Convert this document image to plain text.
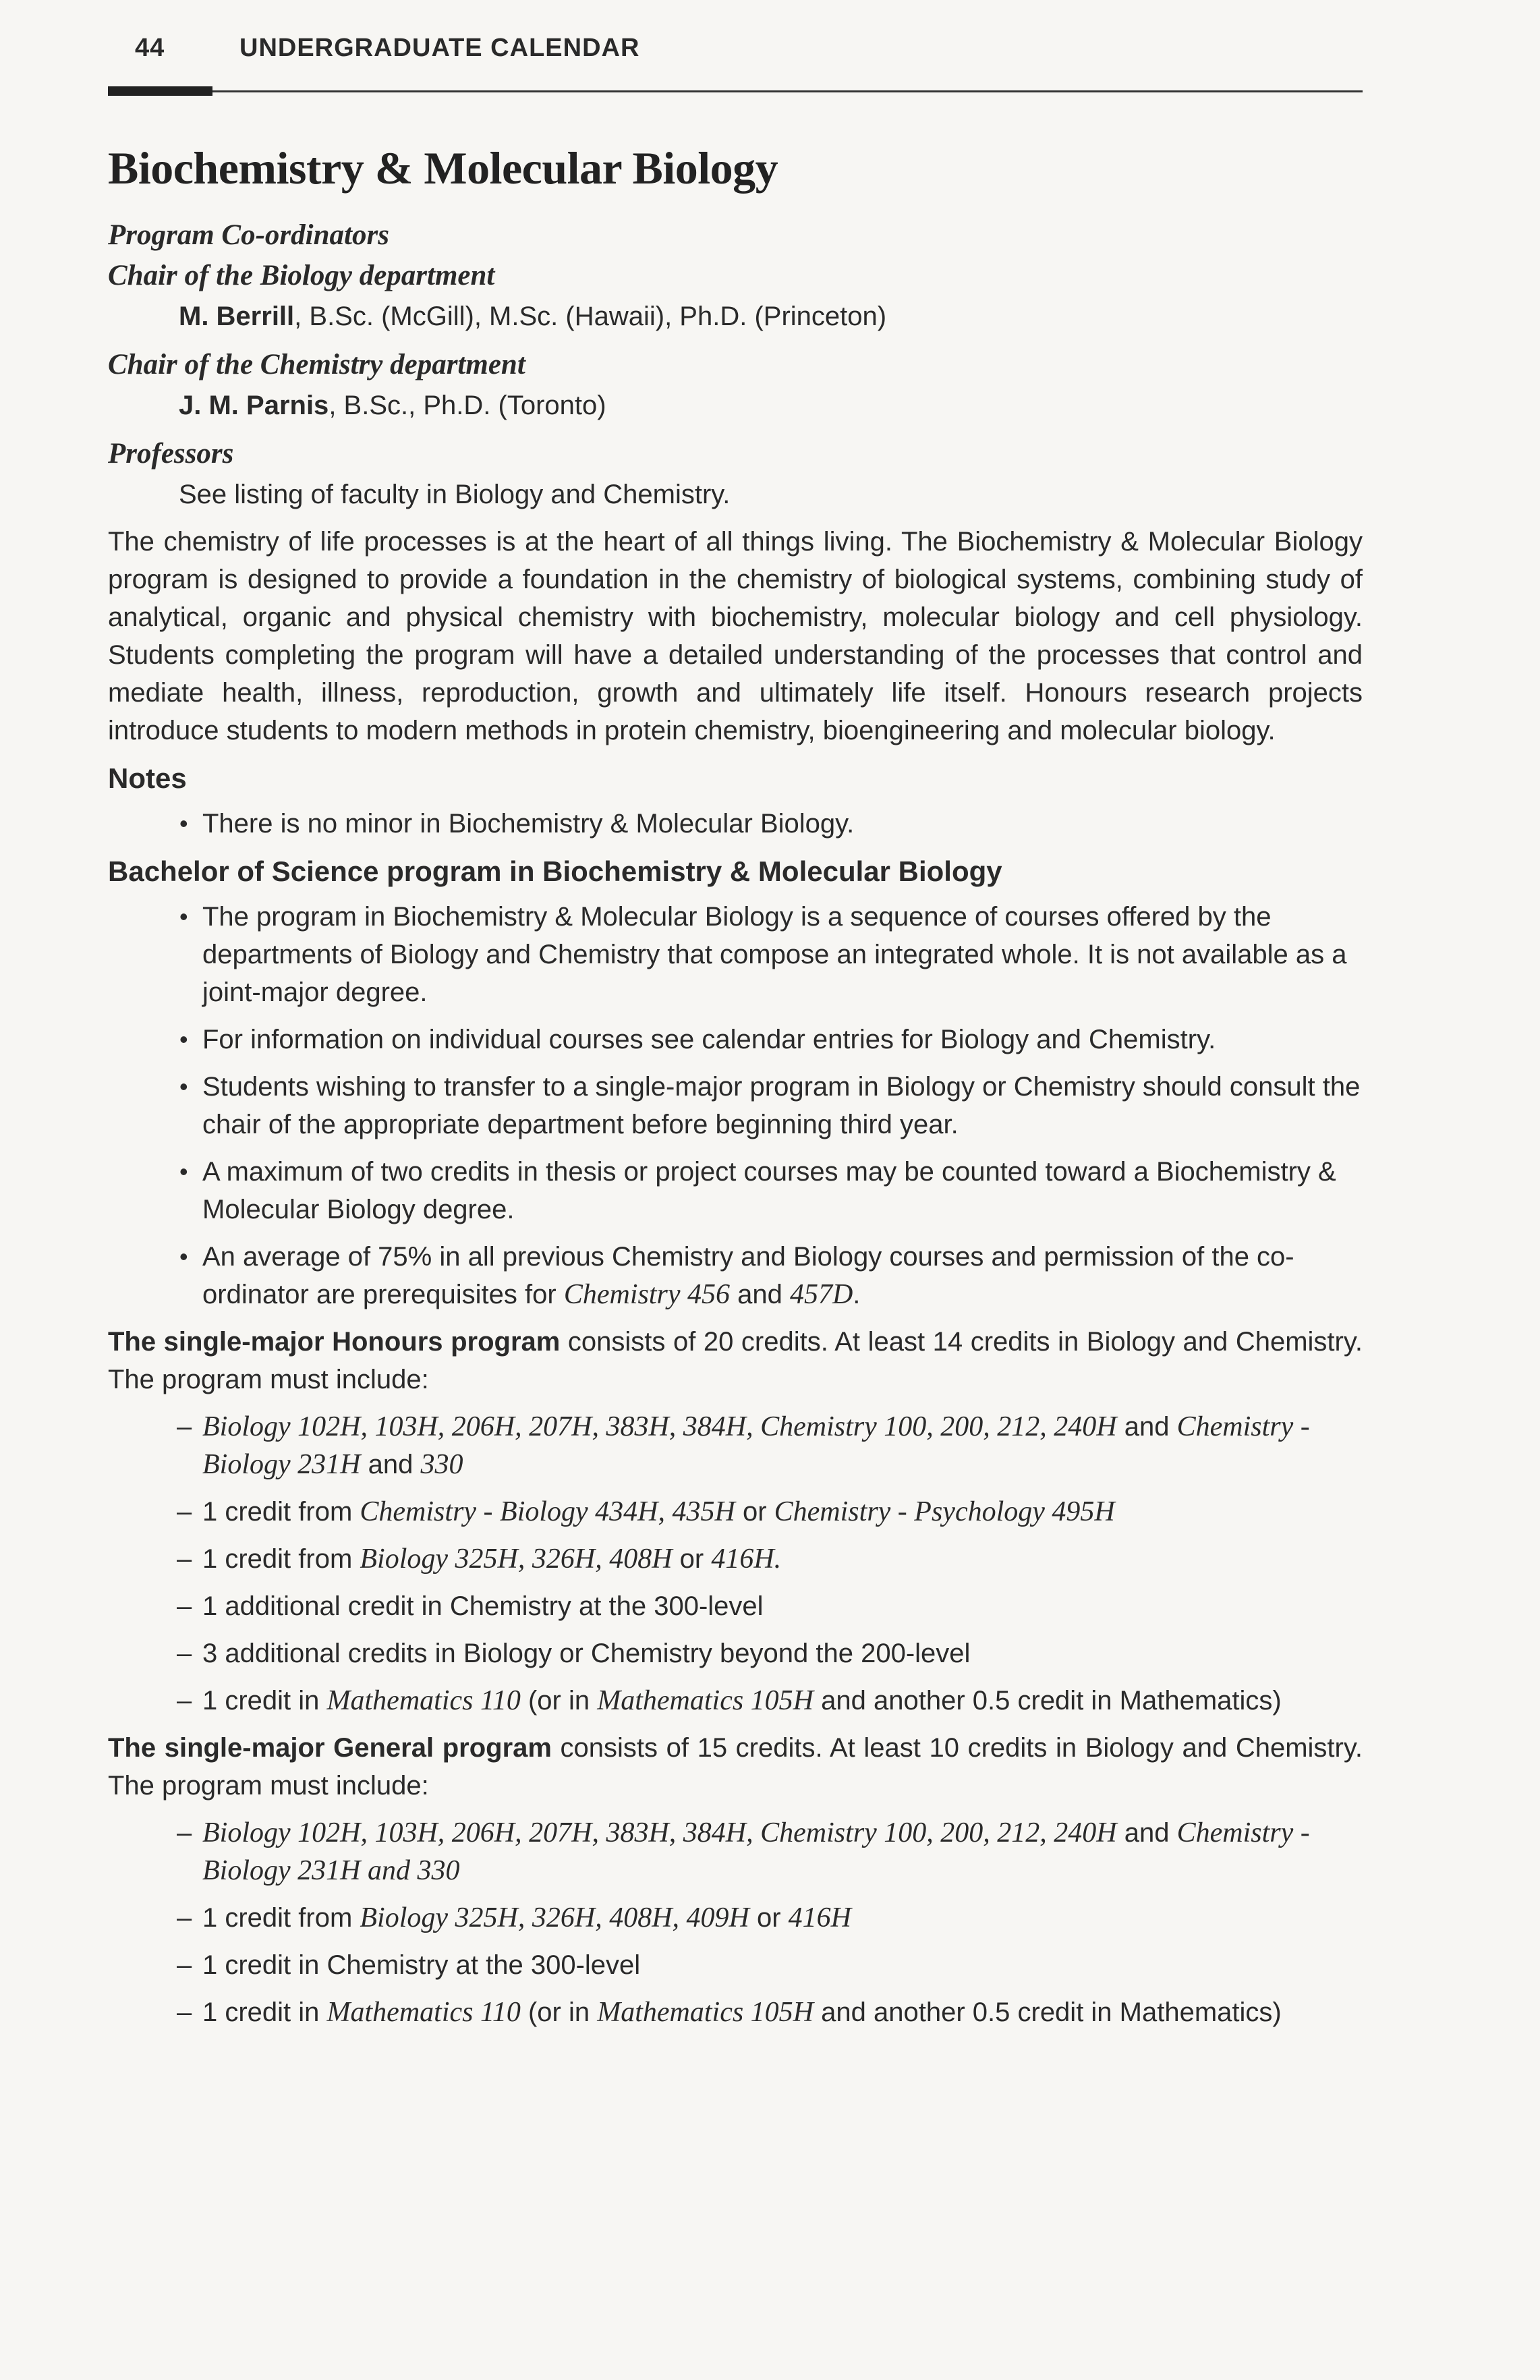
44	UNDERGRADUATE CALENDAR
Biochemistry & Molecular Biology

Program Co-ordinators

Chair of the Biology department

M. Berrill, B.Sc. (McGill), M.Sc. (Hawaii), Ph.D. (Princeton)

Chair of the Chemistry department

J. M. Parnis, B.Sc., Ph.D. (Toronto)

Professors

See listing of faculty in Biology and Chemistry.

The chemistry of life processes is at the heart of all things living. The Biochemistry & Molecular Biology program is designed to provide a foundation in the chemistry of biological systems, combining study of analytical, organic and physical chemistry with biochemistry, molecular biology and cell physiology. Students completing the program will have a detailed understanding of the processes that control and mediate health, illness, reproduction, growth and ultimately life itself. Honours research projects introduce students to modern methods in protein chemistry, bioengineering and molecular biology.

Notes

• There is no minor in Biochemistry & Molecular Biology.

Bachelor of Science program in Biochemistry & Molecular Biology

• The program in Biochemistry & Molecular Biology is a sequence of courses offered by the departments of Biology and Chemistry that compose an integrated whole. It is not available as a joint-major degree.
• For information on individual courses see calendar entries for Biology and Chemistry.
• Students wishing to transfer to a single-major program in Biology or Chemistry should consult the chair of the appropriate department before beginning third year.
• A maximum of two credits in thesis or project courses may be counted toward a Biochemistry & Molecular Biology degree.
• An average of 75% in all previous Chemistry and Biology courses and permission of the co-ordinator are prerequisites for Chemistry 456 and 457D.

The single-major Honours program consists of 20 credits. At least 14 credits in Biology and Chemistry. The program must include:

– Biology 102H, 103H, 206H, 207H, 383H, 384H, Chemistry 100, 200, 212, 240H and Chemistry - Biology 231H and 330
– 1 credit from Chemistry - Biology 434H, 435H or Chemistry - Psychology 495H
– 1 credit from Biology 325H, 326H, 408H or 416H.
– 1 additional credit in Chemistry at the 300-level
– 3 additional credits in Biology or Chemistry beyond the 200-level
– 1 credit in Mathematics 110 (or in Mathematics 105H and another 0.5 credit in Mathematics)

The single-major General program consists of 15 credits. At least 10 credits in Biology and Chemistry. The program must include:

– Biology 102H, 103H, 206H, 207H, 383H, 384H, Chemistry 100, 200, 212, 240H and Chemistry - Biology 231H and 330
– 1 credit from Biology 325H, 326H, 408H, 409H or 416H
– 1 credit in Chemistry at the 300-level
– 1 credit in Mathematics 110 (or in Mathematics 105H and another 0.5 credit in Mathematics)
